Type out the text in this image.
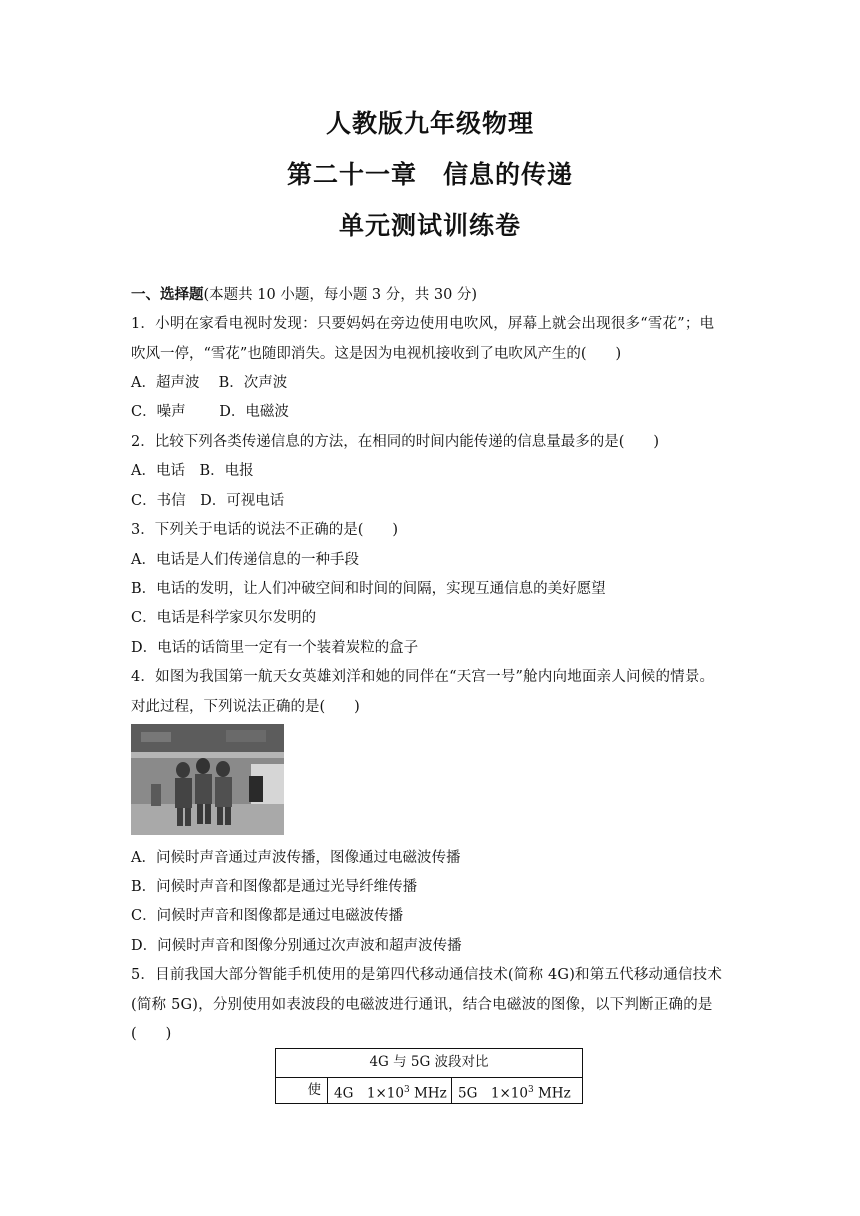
人教版九年级物理
第二十一章　信息的传递
单元测试训练卷
一、选择题(本题共 10 小题，每小题 3 分，共 30 分)
1．小明在家看电视时发现：只要妈妈在旁边使用电吹风，屏幕上就会出现很多“雪花”；电
吹风一停，“雪花”也随即消失。这是因为电视机接收到了电吹风产生的(　　)
A．超声波　 B．次声波
C．噪声　　 D．电磁波
2．比较下列各类传递信息的方法，在相同的时间内能传递的信息量最多的是(　　)
A．电话　B．电报
C．书信　D．可视电话
3．下列关于电话的说法不正确的是(　　)
A．电话是人们传递信息的一种手段
B．电话的发明，让人们冲破空间和时间的间隔，实现互通信息的美好愿望
C．电话是科学家贝尔发明的
D．电话的话筒里一定有一个装着炭粒的盒子
4．如图为我国第一航天女英雄刘洋和她的同伴在“天宫一号”舱内向地面亲人问候的情景。
对此过程，下列说法正确的是(　　)
A．问候时声音通过声波传播，图像通过电磁波传播
B．问候时声音和图像都是通过光导纤维传播
C．问候时声音和图像都是通过电磁波传播
D．问候时声音和图像分别通过次声波和超声波传播
5．目前我国大部分智能手机使用的是第四代移动通信技术(简称 4G)和第五代移动通信技术
(简称 5G)，分别使用如表波段的电磁波进行通讯，结合电磁波的图像，以下判断正确的是
(　　)
4G 与 5G 波段对比
使 4G　$1\times 10^3$ MHz 5G　$1\times 10^3$ MHz
